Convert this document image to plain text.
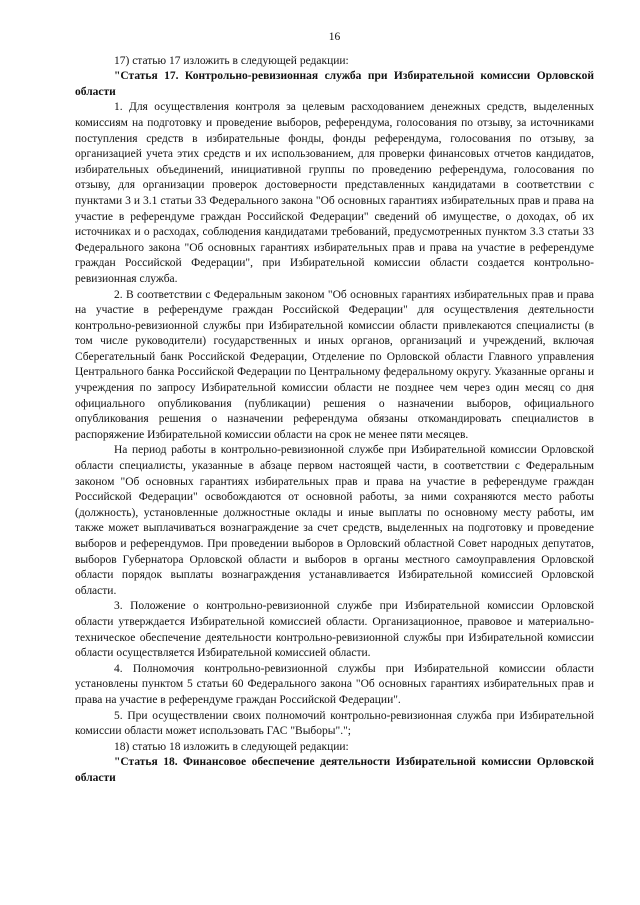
16

17) статью 17 изложить в следующей редакции:

"Статья 17. Контрольно-ревизионная служба при Избирательной комиссии Орловской области

1. Для осуществления контроля за целевым расходованием денежных средств, выделенных комиссиям на подготовку и проведение выборов, референдума, голосования по отзыву, за источниками поступления средств в избирательные фонды, фонды референдума, голосования по отзыву, за организацией учета этих средств и их использованием, для проверки финансовых отчетов кандидатов, избирательных объединений, инициативной группы по проведению референдума, голосования по отзыву, для организации проверок достоверности представленных кандидатами в соответствии с пунктами 3 и 3.1 статьи 33 Федерального закона "Об основных гарантиях избирательных прав и права на участие в референдуме граждан Российской Федерации" сведений об имуществе, о доходах, об их источниках и о расходах, соблюдения кандидатами требований, предусмотренных пунктом 3.3 статьи 33 Федерального закона "Об основных гарантиях избирательных прав и права на участие в референдуме граждан Российской Федерации", при Избирательной комиссии области создается контрольно-ревизионная служба.

2. В соответствии с Федеральным законом "Об основных гарантиях избирательных прав и права на участие в референдуме граждан Российской Федерации" для осуществления деятельности контрольно-ревизионной службы при Избирательной комиссии области привлекаются специалисты (в том числе руководители) государственных и иных органов, организаций и учреждений, включая Сберегательный банк Российской Федерации, Отделение по Орловской области Главного управления Центрального банка Российской Федерации по Центральному федеральному округу. Указанные органы и учреждения по запросу Избирательной комиссии области не позднее чем через один месяц со дня официального опубликования (публикации) решения о назначении выборов, официального опубликования решения о назначении референдума обязаны откомандировать специалистов в распоряжение Избирательной комиссии области на срок не менее пяти месяцев.

На период работы в контрольно-ревизионной службе при Избирательной комиссии Орловской области специалисты, указанные в абзаце первом настоящей части, в соответствии с Федеральным законом "Об основных гарантиях избирательных прав и права на участие в референдуме граждан Российской Федерации" освобождаются от основной работы, за ними сохраняются место работы (должность), установленные должностные оклады и иные выплаты по основному месту работы, им также может выплачиваться вознаграждение за счет средств, выделенных на подготовку и проведение выборов и референдумов. При проведении выборов в Орловский областной Совет народных депутатов, выборов Губернатора Орловской области и выборов в органы местного самоуправления Орловской области порядок выплаты вознаграждения устанавливается Избирательной комиссией Орловской области.

3. Положение о контрольно-ревизионной службе при Избирательной комиссии Орловской области утверждается Избирательной комиссией области. Организационное, правовое и материально-техническое обеспечение деятельности контрольно-ревизионной службы при Избирательной комиссии области осуществляется Избирательной комиссией области.

4. Полномочия контрольно-ревизионной службы при Избирательной комиссии области установлены пунктом 5 статьи 60 Федерального закона "Об основных гарантиях избирательных прав и права на участие в референдуме граждан Российской Федерации".

5. При осуществлении своих полномочий контрольно-ревизионная служба при Избирательной комиссии области может использовать ГАС "Выборы".";

18) статью 18 изложить в следующей редакции:

"Статья 18. Финансовое обеспечение деятельности Избирательной комиссии Орловской области
